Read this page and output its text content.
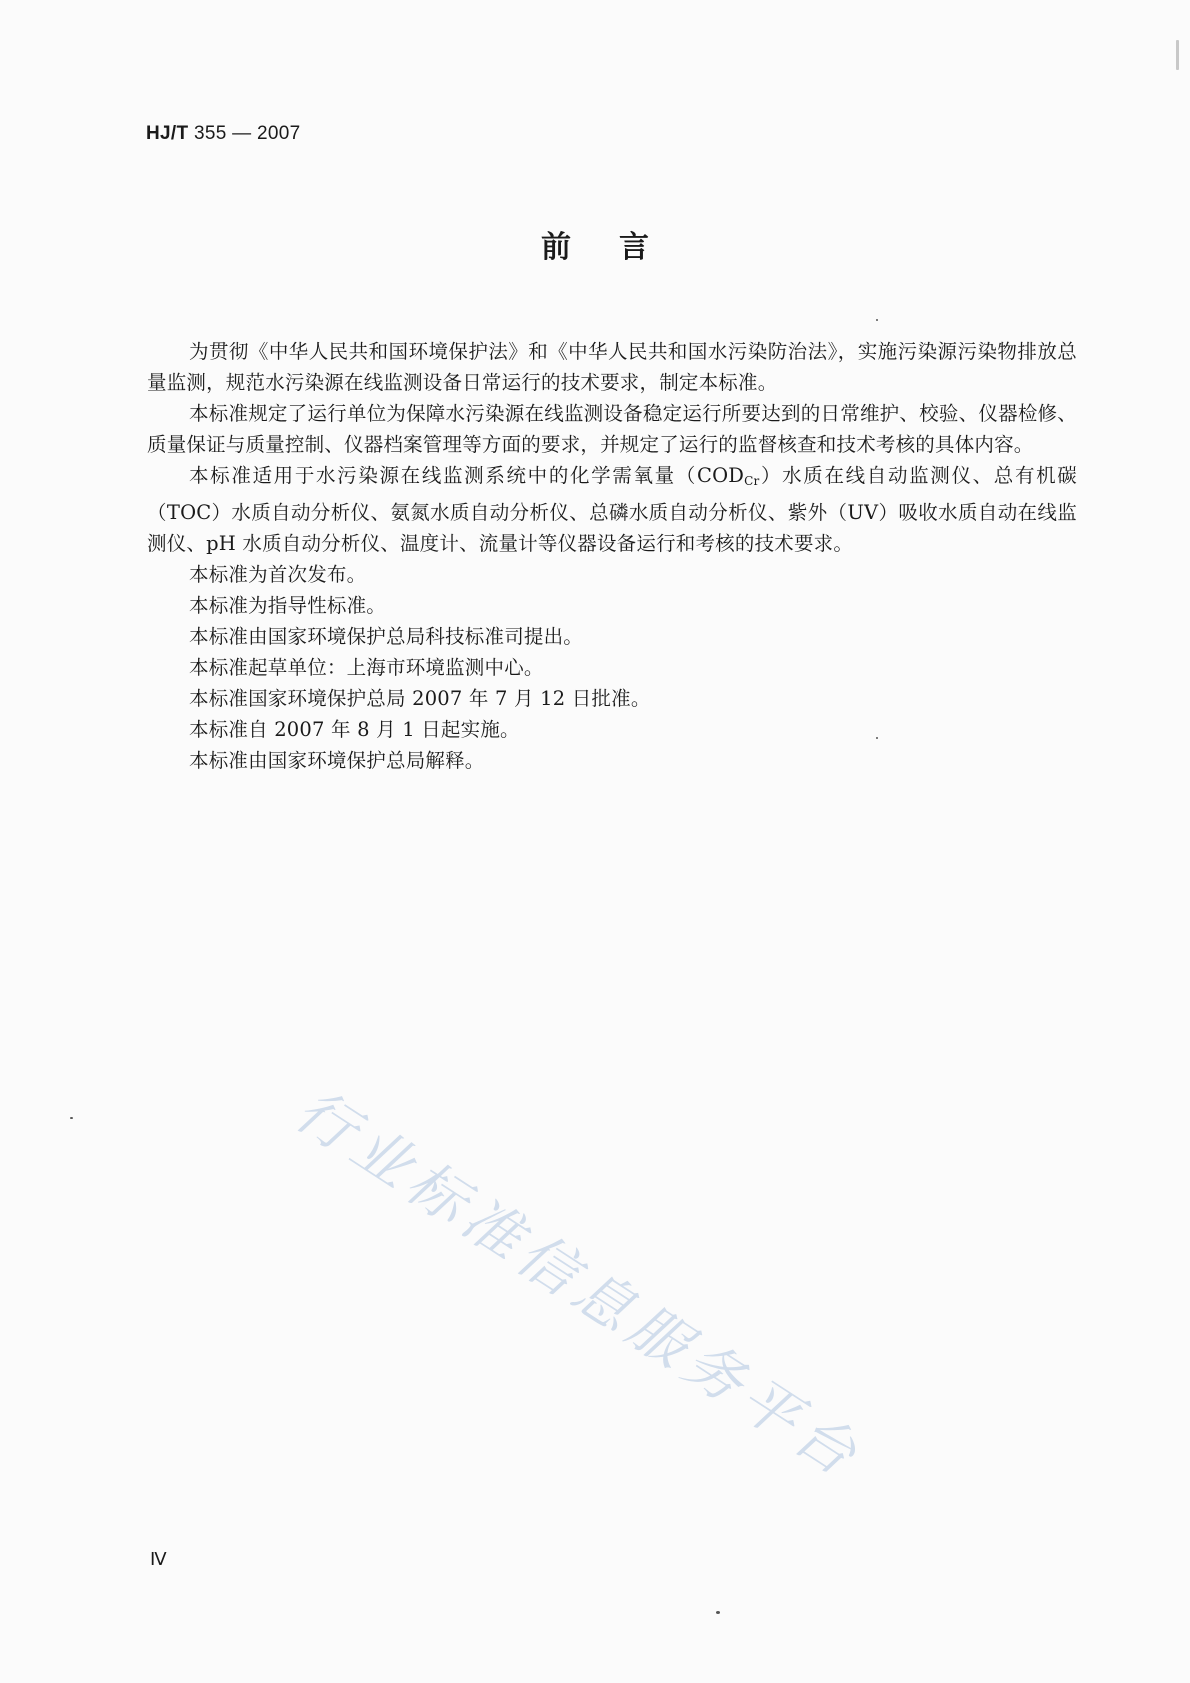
HJ/T 355 — 2007
前言

为贯彻《中华人民共和国环境保护法》和《中华人民共和国水污染防治法》，实施污染源污染物排放总量监测，规范水污染源在线监测设备日常运行的技术要求，制定本标准。

本标准规定了运行单位为保障水污染源在线监测设备稳定运行所要达到的日常维护、校验、仪器检修、质量保证与质量控制、仪器档案管理等方面的要求，并规定了运行的监督核查和技术考核的具体内容。

本标准适用于水污染源在线监测系统中的化学需氧量$(COD_{Cr})$水质在线自动监测仪、总有机碳（TOC）水质自动分析仪、氨氮水质自动分析仪、总磷水质自动分析仪、紫外（UV）吸收水质自动在线监测仪、pH 水质自动分析仪、温度计、流量计等仪器设备运行和考核的技术要求。

本标准为首次发布。

本标准为指导性标准。

本标准由国家环境保护总局科技标准司提出。

本标准起草单位：上海市环境监测中心。

本标准国家环境保护总局 2007 年 7 月 12 日批准。

本标准自 2007 年 8 月 1 日起实施。

本标准由国家环境保护总局解释。

行业标准信息服务平台
Ⅳ
